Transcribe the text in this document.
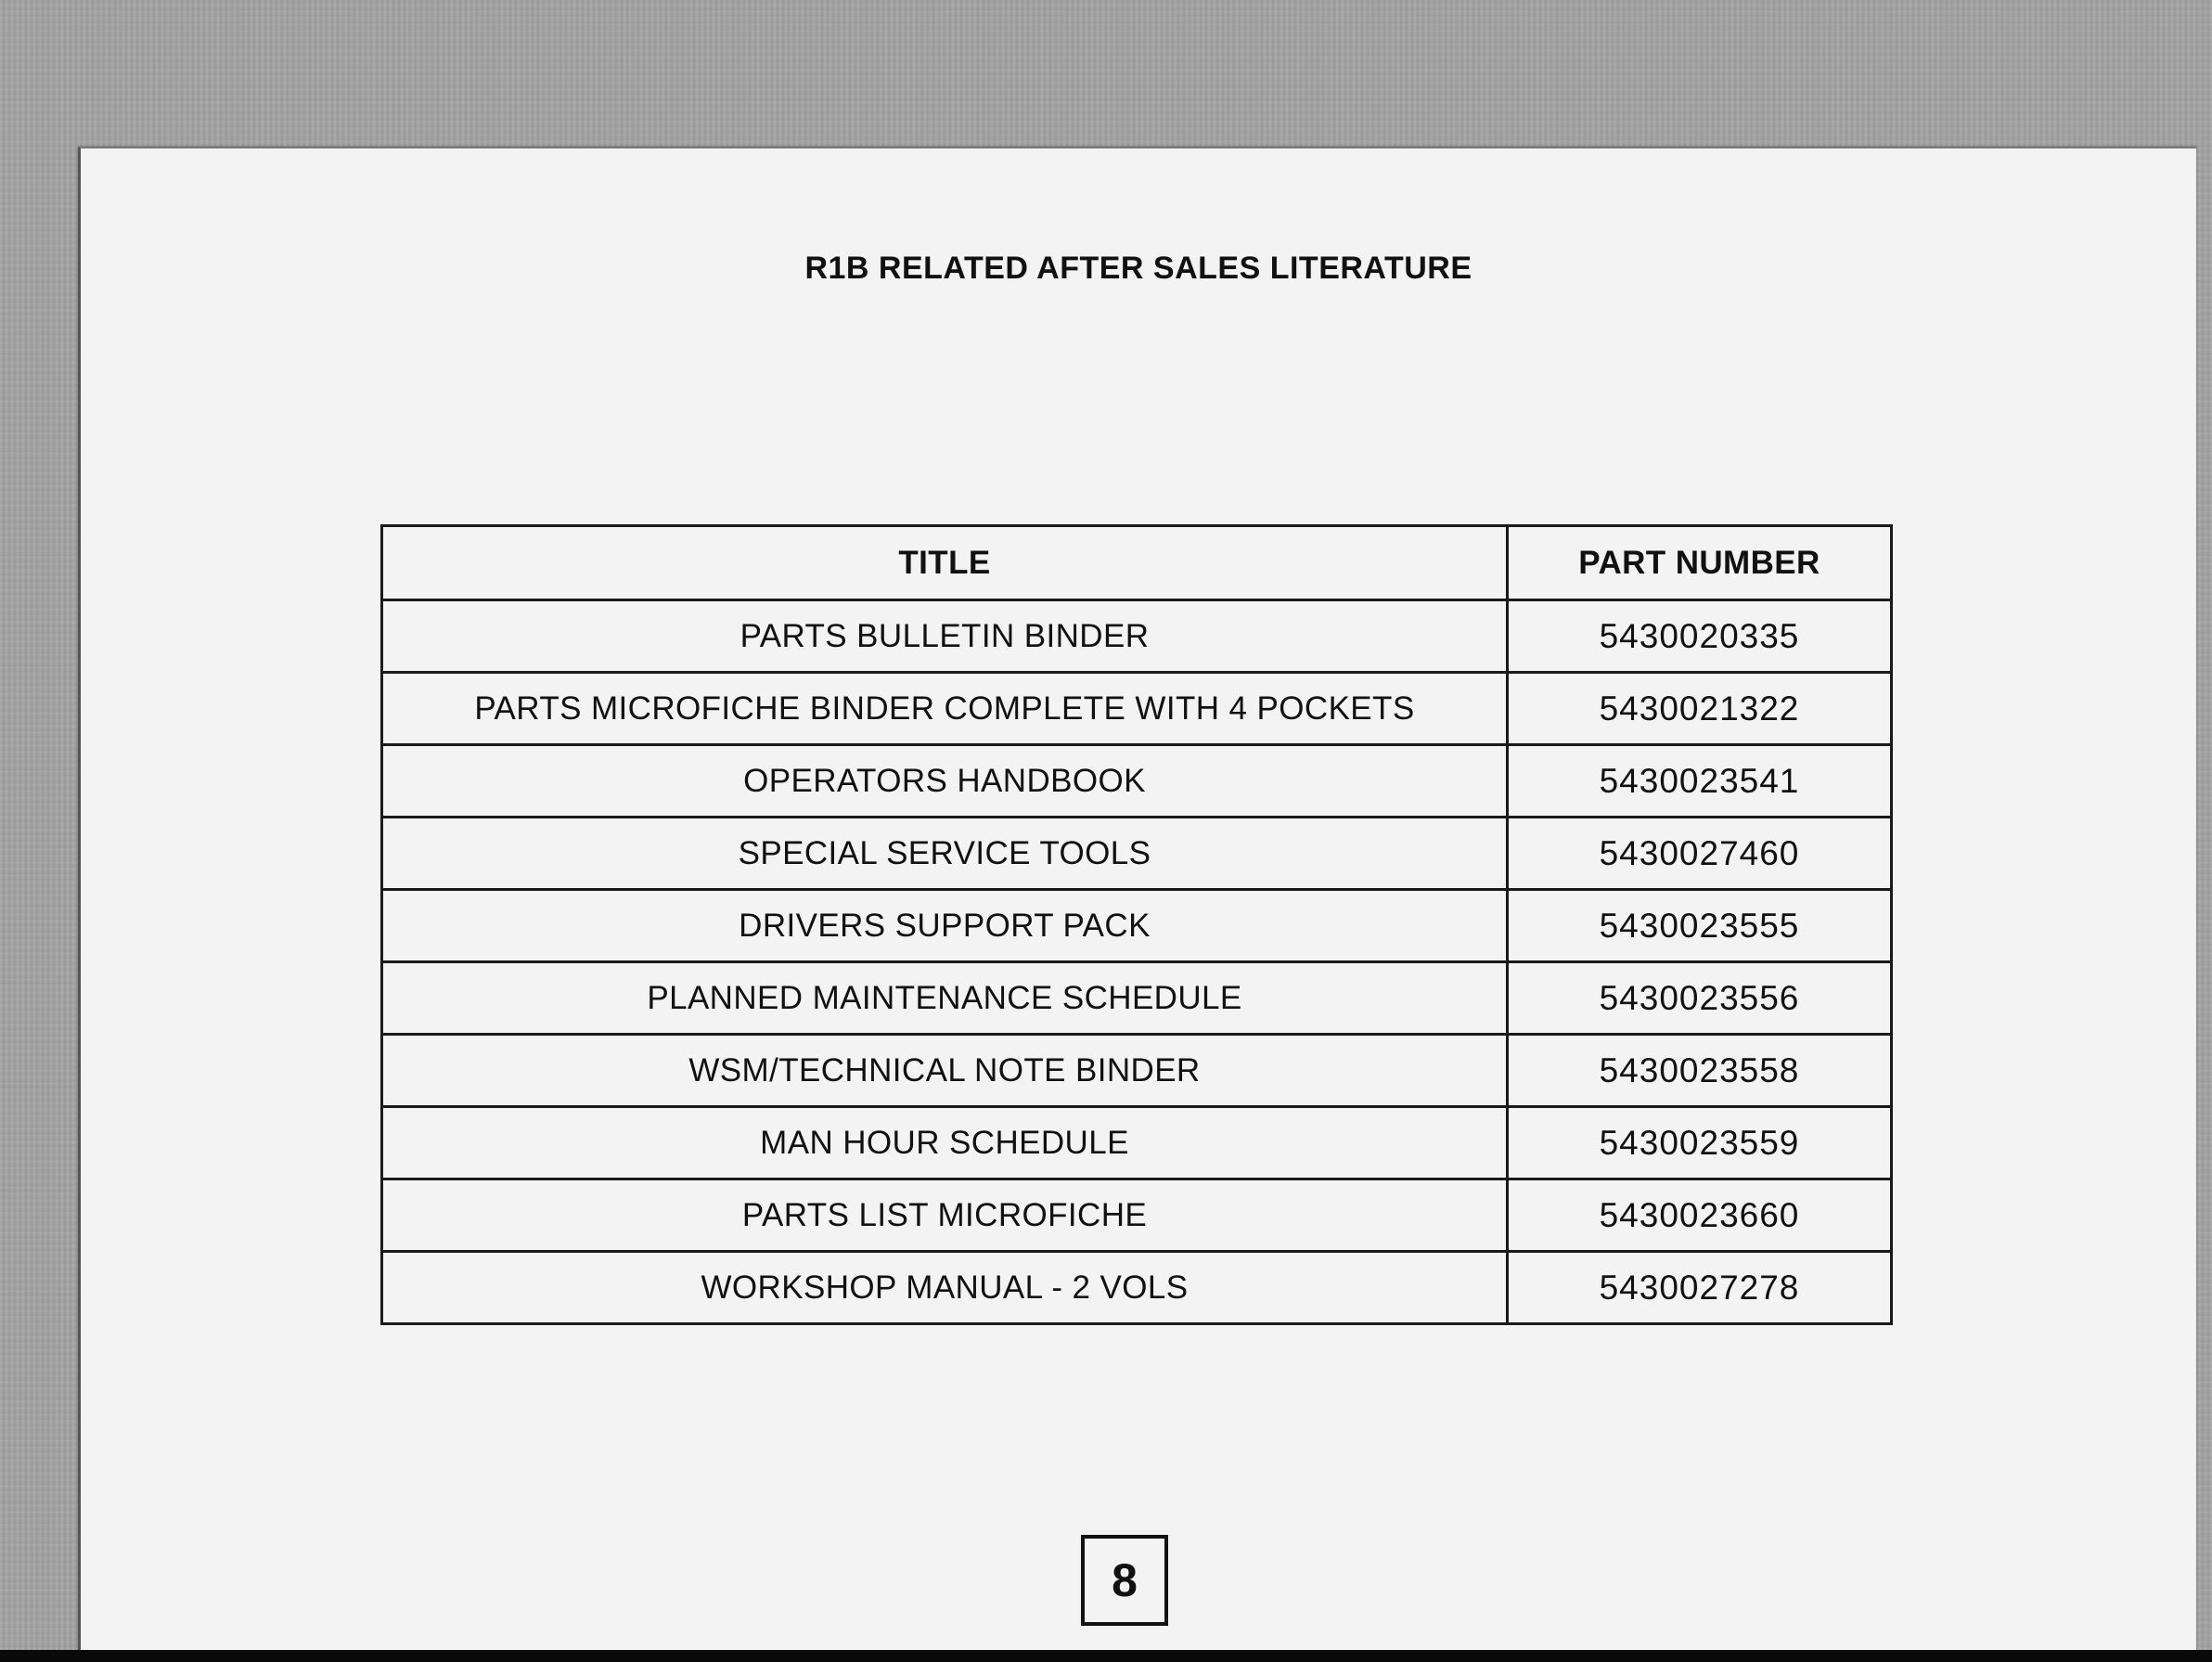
R1B RELATED AFTER SALES LITERATURE
TITLE	PART NUMBER
PARTS BULLETIN BINDER	5430020335
PARTS MICROFICHE BINDER COMPLETE WITH 4 POCKETS	5430021322
OPERATORS HANDBOOK	5430023541
SPECIAL SERVICE TOOLS	5430027460
DRIVERS SUPPORT PACK	5430023555
PLANNED MAINTENANCE SCHEDULE	5430023556
WSM/TECHNICAL NOTE BINDER	5430023558
MAN HOUR SCHEDULE	5430023559
PARTS LIST MICROFICHE	5430023660
WORKSHOP MANUAL - 2 VOLS	5430027278
8
